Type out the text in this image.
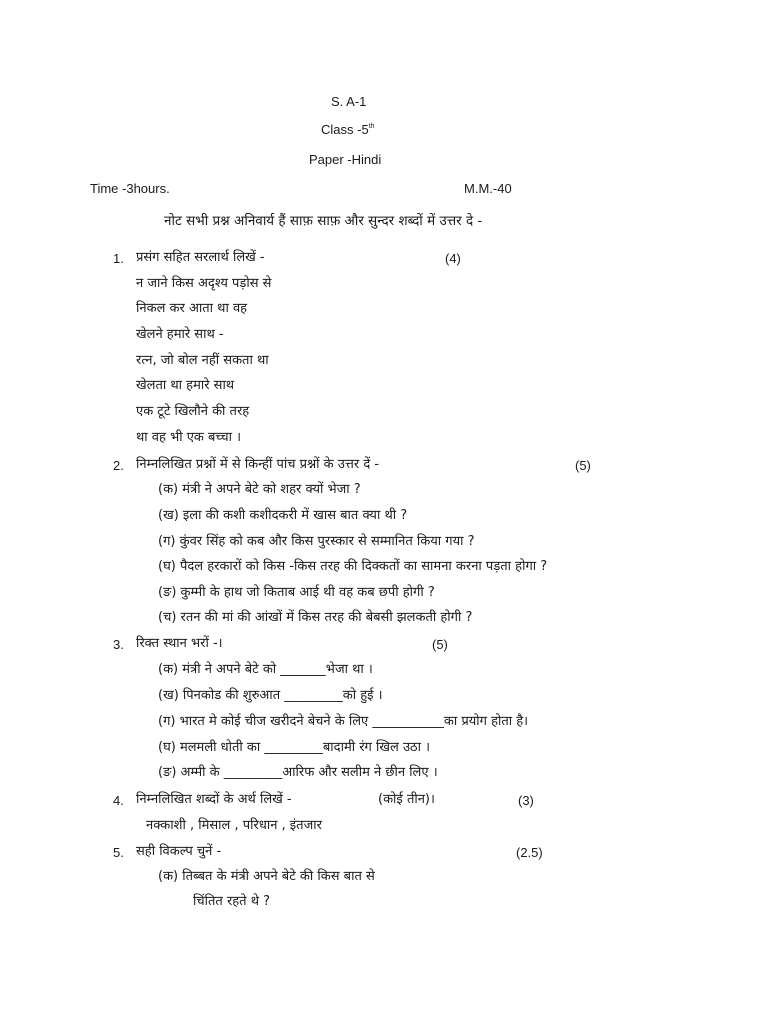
S. A-1
Class -5th
Paper -Hindi
Time -3hours.	M.M.-40
नोट सभी प्रश्न अनिवार्य हैं साफ़ साफ़ और सुन्दर शब्दों में उत्तर दे -
1. प्रसंग सहित सरलार्थ लिखें -	(4)
न जाने किस अदृश्य पड़ोस से
निकल कर आता था वह
खेलने हमारे साथ -
रत्न, जो बोल नहीं सकता था
खेलता था हमारे साथ
एक टूटे खिलौने की तरह
था वह भी एक बच्चा ।
2. निम्नलिखित प्रश्नों में से किन्हीं पांच प्रश्नों के उत्तर दें -	(5)
(क) मंत्री ने अपने बेटे को शहर क्यों भेजा ?
(ख) इला की कशी कशीदकरी में खास बात क्या थी ?
(ग) कुंवर सिंह को कब और किस पुरस्कार से सम्मानित किया गया ?
(घ) पैदल हरकारों को किस -किस तरह की दिक्कतों का सामना करना पड़ता होगा ?
(ङ) कुम्मी के हाथ जो किताब आई थी वह कब छपी होगी ?
(च) रतन की मां की आंखों में किस तरह की बेबसी झलकती होगी ?
3. रिक्त स्थान भरों -।	(5)
(क) मंत्री ने अपने बेटे को _______भेजा था ।
(ख) पिनकोड की शुरुआत _________को हुई ।
(ग) भारत मे कोई चीज खरीदने बेचने के लिए ___________का प्रयोग होता है।
(घ) मलमली धोती का _________बादामी रंग खिल उठा ।
(ङ) अम्मी के _________आरिफ और सलीम ने छीन लिए ।
4. निम्नलिखित शब्दों के अर्थ लिखें -	(कोई तीन)।	(3)
नक्काशी , मिसाल , परिधान , इंतजार
5. सही विकल्प चुनें -	(2.5)
(क) तिब्बत के मंत्री अपने बेटे की किस बात से
चिंतित रहते थे ?
